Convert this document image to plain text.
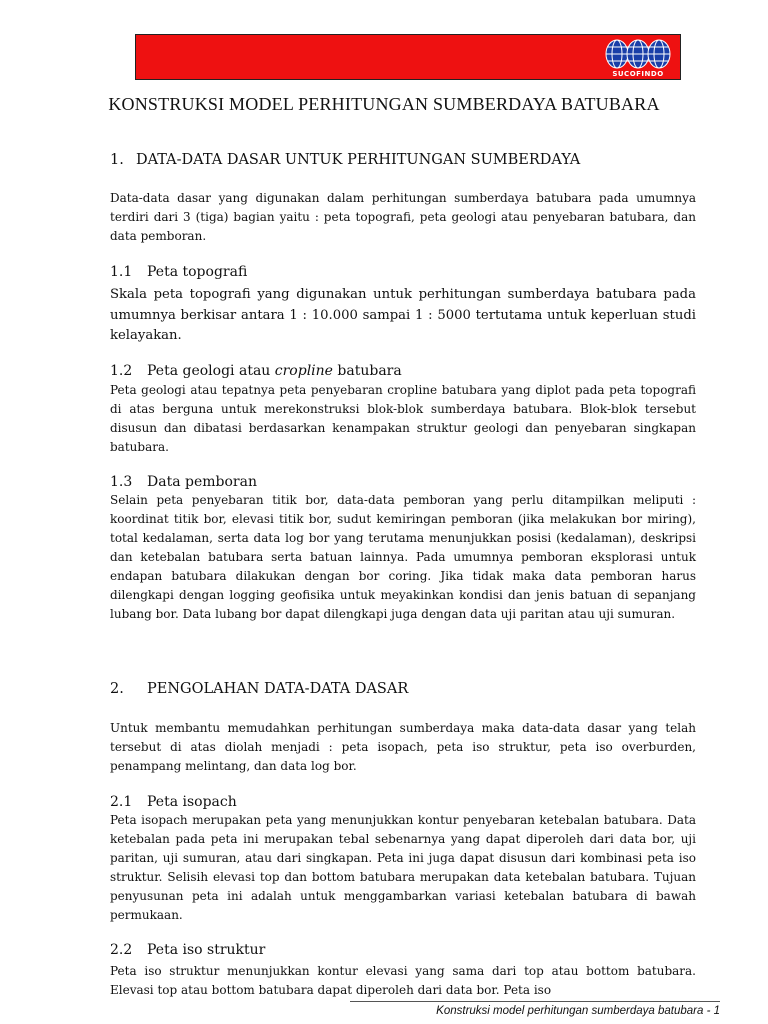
SUCOFINDO
KONSTRUKSI MODEL PERHITUNGAN SUMBERDAYA BATUBARA
1. DATA-DATA DASAR UNTUK PERHITUNGAN SUMBERDAYA
Data-data dasar yang digunakan dalam perhitungan sumberdaya batubara pada umumnya terdiri dari 3 (tiga) bagian yaitu : peta topografi, peta geologi atau penyebaran batubara, dan data pemboran.
1.1 Peta topografi
Skala peta topografi yang digunakan untuk perhitungan sumberdaya batubara pada umumnya berkisar antara 1 : 10.000 sampai 1 : 5000 tertutama untuk keperluan studi kelayakan.
1.2 Peta geologi atau cropline batubara
Peta geologi atau tepatnya peta penyebaran cropline batubara yang diplot pada peta topografi di atas berguna untuk merekonstruksi blok-blok sumberdaya batubara. Blok-blok tersebut disusun dan dibatasi berdasarkan kenampakan struktur geologi dan penyebaran singkapan batubara.
1.3 Data pemboran
Selain peta penyebaran titik bor, data-data pemboran yang perlu ditampilkan meliputi : koordinat titik bor, elevasi titik bor, sudut kemiringan pemboran (jika melakukan bor miring), total kedalaman, serta data log bor yang terutama menunjukkan posisi (kedalaman), deskripsi dan ketebalan batubara serta batuan lainnya. Pada umumnya pemboran eksplorasi untuk endapan batubara dilakukan dengan bor coring. Jika tidak maka data pemboran harus dilengkapi dengan logging geofisika untuk meyakinkan kondisi dan jenis batuan di sepanjang lubang bor. Data lubang bor dapat dilengkapi juga dengan data uji paritan atau uji sumuran.
2. PENGOLAHAN DATA-DATA DASAR
Untuk membantu memudahkan perhitungan sumberdaya maka data-data dasar yang telah tersebut di atas diolah menjadi : peta isopach, peta iso struktur, peta iso overburden, penampang melintang, dan data log bor.
2.1 Peta isopach
Peta isopach merupakan peta yang menunjukkan kontur penyebaran ketebalan batubara. Data ketebalan pada peta ini merupakan tebal sebenarnya yang dapat diperoleh dari data bor, uji paritan, uji sumuran, atau dari singkapan. Peta ini juga dapat disusun dari kombinasi peta iso struktur. Selisih elevasi top dan bottom batubara merupakan data ketebalan batubara. Tujuan penyusunan peta ini adalah untuk menggambarkan variasi ketebalan batubara di bawah permukaan.
2.2 Peta iso struktur
Peta iso struktur menunjukkan kontur elevasi yang sama dari top atau bottom batubara. Elevasi top atau bottom batubara dapat diperoleh dari data bor. Peta iso
Konstruksi model perhitungan sumberdaya batubara - 1
